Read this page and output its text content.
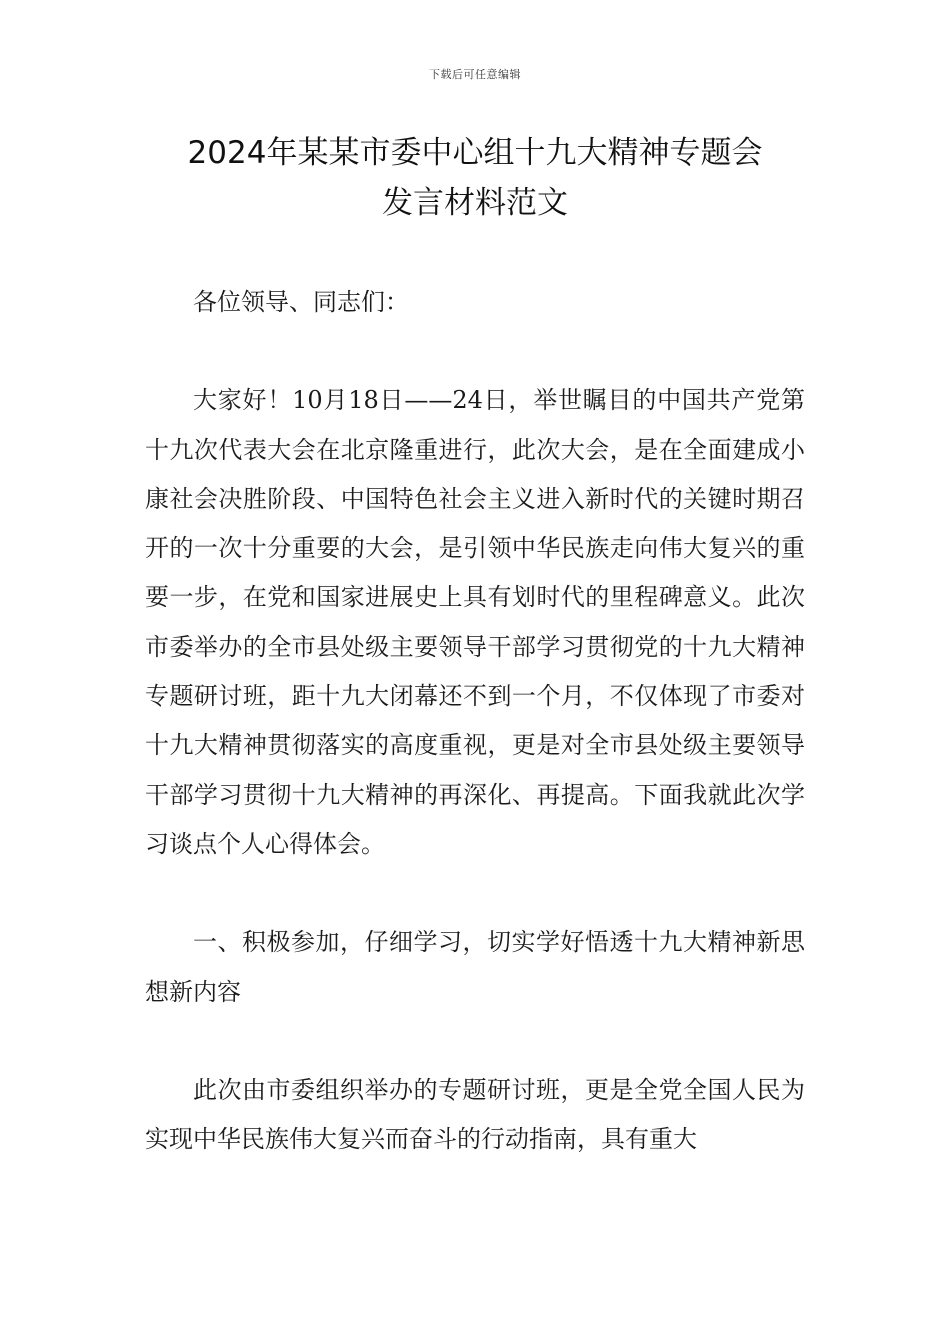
下载后可任意编辑
2024年某某市委中心组十九大精神专题会
发言材料范文

各位领导、同志们：

大家好！10月18日——24日，举世瞩目的中国共产党第十九次代表大会在北京隆重进行，此次大会，是在全面建成小康社会决胜阶段、中国特色社会主义进入新时代的关键时期召开的一次十分重要的大会，是引领中华民族走向伟大复兴的重要一步，在党和国家进展史上具有划时代的里程碑意义。此次市委举办的全市县处级主要领导干部学习贯彻党的十九大精神专题研讨班，距十九大闭幕还不到一个月，不仅体现了市委对十九大精神贯彻落实的高度重视，更是对全市县处级主要领导干部学习贯彻十九大精神的再深化、再提高。下面我就此次学习谈点个人心得体会。

一、积极参加，仔细学习，切实学好悟透十九大精神新思想新内容

此次由市委组织举办的专题研讨班，更是全党全国人民为实现中华民族伟大复兴而奋斗的行动指南，具有重大
